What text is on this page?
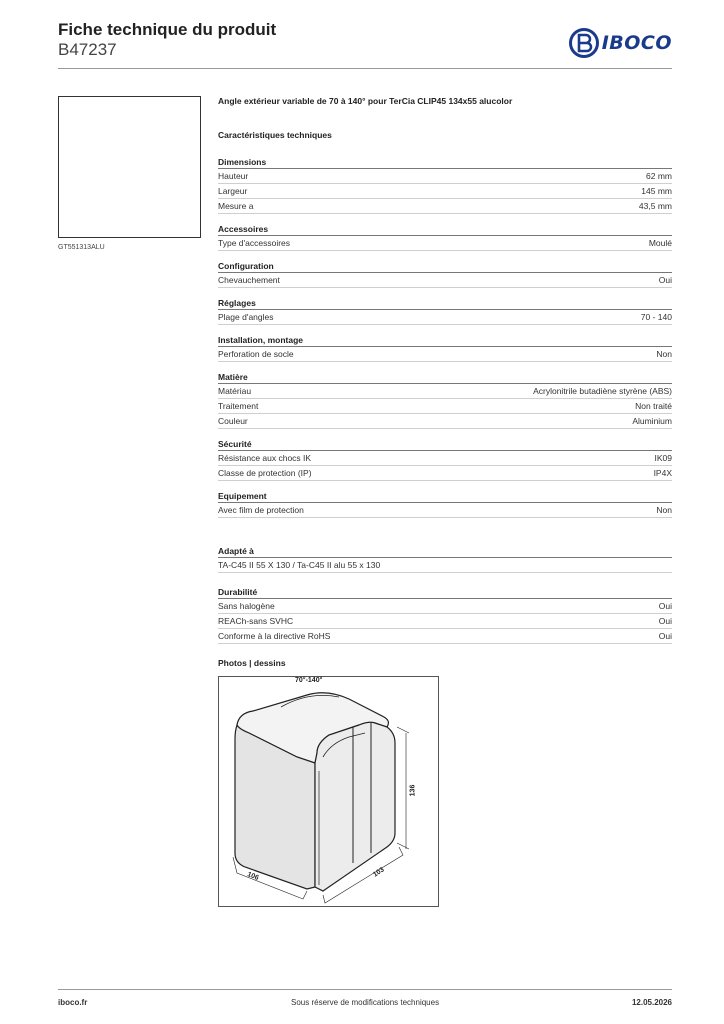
Fiche technique du produit
B47237	IBOCO
GT551313ALU
Angle extérieur variable de 70 à 140° pour TerCia CLIP45 134x55 alucolor
Caractéristiques techniques
Dimensions
Hauteur	62 mm
Largeur	145 mm
Mesure a	43,5 mm
Accessoires
Type d'accessoires	Moulé
Configuration
Chevauchement	Oui
Réglages
Plage d'angles	70 - 140
Installation, montage
Perforation de socle	Non
Matière
Matériau	Acrylonitrile butadiène styrène (ABS)
Traitement	Non traité
Couleur	Aluminium
Sécurité
Résistance aux chocs IK	IK09
Classe de protection (IP)	IP4X
Equipement
Avec film de protection	Non
Adapté à
TA-C45 II 55 X 130 / Ta-C45 II alu 55 x 130
Durabilité
Sans halogène	Oui
REACh-sans SVHC	Oui
Conforme à la directive RoHS	Oui
Photos | dessins
70°-140°
136
106	103
iboco.fr	Sous réserve de modifications techniques	12.05.2026
